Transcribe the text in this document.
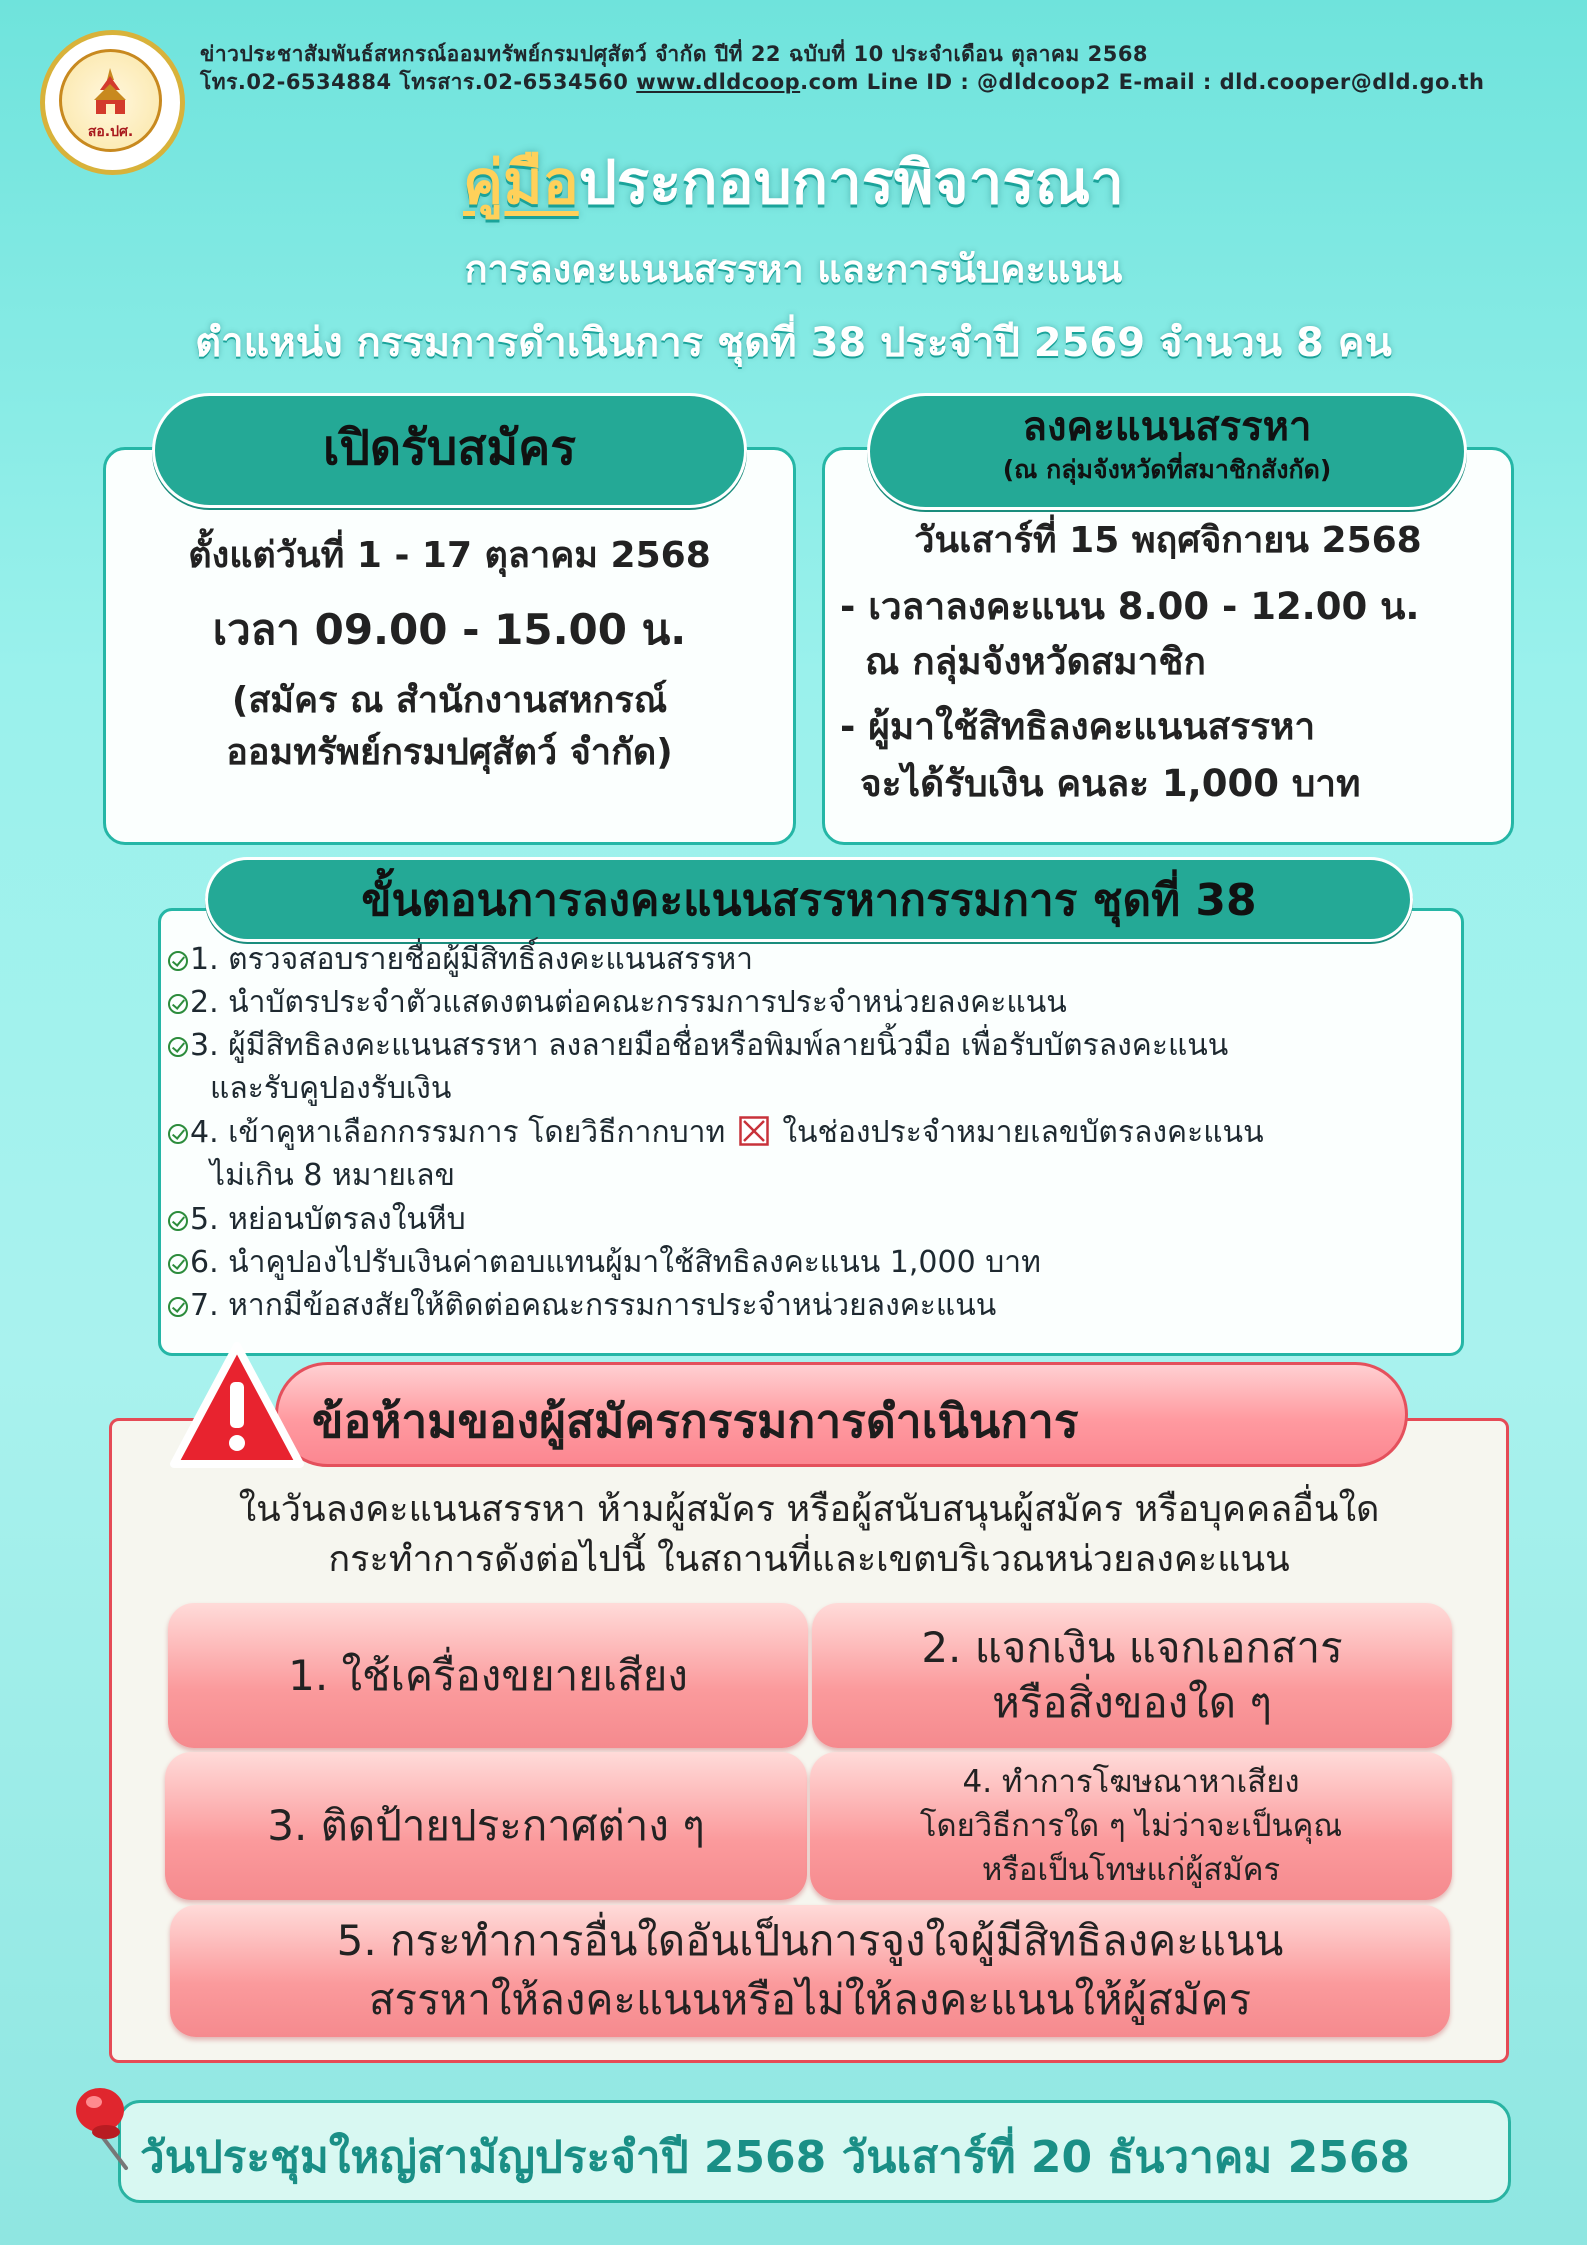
สอ.ปศ.
ข่าวประชาสัมพันธ์สหกรณ์ออมทรัพย์กรมปศุสัตว์ จำกัด ปีที่ 22 ฉบับที่ 10 ประจำเดือน ตุลาคม 2568
โทร.02-6534884 โทรสาร.02-6534560 www.dldcoop.com Line ID : @dldcoop2 E-mail : dld.cooper@dld.go.th
คู่มือประกอบการพิจารณา
การลงคะแนนสรรหา และการนับคะแนน
ตำแหน่ง กรรมการดำเนินการ ชุดที่ 38 ประจำปี 2569 จำนวน 8 คน
เปิดรับสมัคร
ตั้งแต่วันที่ 1 - 17 ตุลาคม 2568
เวลา 09.00 - 15.00 น.
(สมัคร ณ สำนักงานสหกรณ์
ออมทรัพย์กรมปศุสัตว์ จำกัด)
ลงคะแนนสรรหา
(ณ กลุ่มจังหวัดที่สมาชิกสังกัด)
วันเสาร์ที่ 15 พฤศจิกายน 2568
- เวลาลงคะแนน 8.00 - 12.00 น.
ณ กลุ่มจังหวัดสมาชิก
- ผู้มาใช้สิทธิลงคะแนนสรรหา
จะได้รับเงิน คนละ 1,000 บาท
ขั้นตอนการลงคะแนนสรรหากรรมการ ชุดที่ 38
1. ตรวจสอบรายชื่อผู้มีสิทธิ์ลงคะแนนสรรหา
2. นำบัตรประจำตัวแสดงตนต่อคณะกรรมการประจำหน่วยลงคะแนน
3. ผู้มีสิทธิลงคะแนนสรรหา ลงลายมือชื่อหรือพิมพ์ลายนิ้วมือ เพื่อรับบัตรลงคะแนน
และรับคูปองรับเงิน
4. เข้าคูหาเลือกกรรมการ โดยวิธีกากบาท ในช่องประจำหมายเลขบัตรลงคะแนน
ไม่เกิน 8 หมายเลข
5. หย่อนบัตรลงในหีบ
6. นำคูปองไปรับเงินค่าตอบแทนผู้มาใช้สิทธิลงคะแนน 1,000 บาท
7. หากมีข้อสงสัยให้ติดต่อคณะกรรมการประจำหน่วยลงคะแนน
ข้อห้ามของผู้สมัครกรรมการดำเนินการ
ในวันลงคะแนนสรรหา ห้ามผู้สมัคร หรือผู้สนับสนุนผู้สมัคร หรือบุคคลอื่นใด
กระทำการดังต่อไปนี้ ในสถานที่และเขตบริเวณหน่วยลงคะแนน
1. ใช้เครื่องขยายเสียง
2. แจกเงิน แจกเอกสาร
หรือสิ่งของใด ๆ
3. ติดป้ายประกาศต่าง ๆ
4. ทำการโฆษณาหาเสียง
โดยวิธีการใด ๆ ไม่ว่าจะเป็นคุณ
หรือเป็นโทษแก่ผู้สมัคร
5. กระทำการอื่นใดอันเป็นการจูงใจผู้มีสิทธิลงคะแนน
สรรหาให้ลงคะแนนหรือไม่ให้ลงคะแนนให้ผู้สมัคร
วันประชุมใหญ่สามัญประจำปี 2568 วันเสาร์ที่ 20 ธันวาคม 2568
